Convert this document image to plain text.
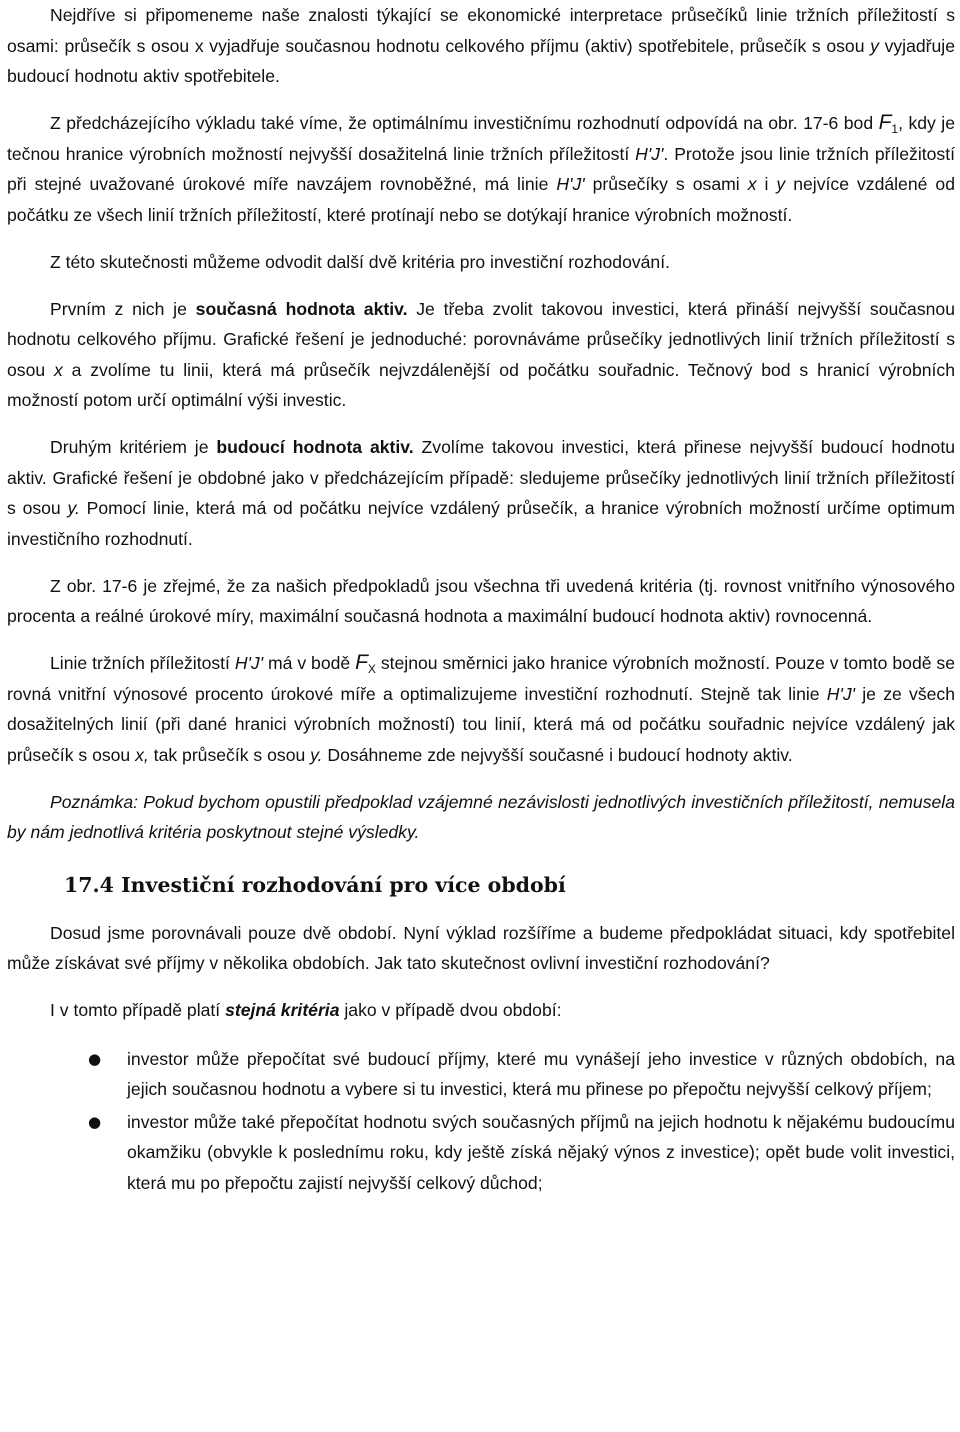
Nejdříve si připomeneme naše znalosti týkající se ekonomické interpretace průsečíků linie tržních příležitostí s osami: průsečík s osou x vyjadřuje současnou hodnotu celkového příjmu (aktiv) spotřebitele, průsečík s osou y vyjadřuje budoucí hodnotu aktiv spotřebitele.

Z předcházejícího výkladu také víme, že optimálnímu investičnímu rozhodnutí odpovídá na obr. 17-6 bod $F_1$, kdy je tečnou hranice výrobních možností nejvyšší dosažitelná linie tržních příležitostí H'J'. Protože jsou linie tržních příležitostí při stejné uvažované úrokové míře navzájem rovnoběžné, má linie H'J' průsečíky s osami x i y nejvíce vzdálené od počátku ze všech linií tržních příležitostí, které protínají nebo se dotýkají hranice výrobních možností.

Z této skutečnosti můžeme odvodit další dvě kritéria pro investiční rozhodování.

Prvním z nich je současná hodnota aktiv. Je třeba zvolit takovou investici, která přináší nejvyšší současnou hodnotu celkového příjmu. Grafické řešení je jednoduché: porovnáváme průsečíky jednotlivých linií tržních příležitostí s osou x a zvolíme tu linii, která má průsečík nejvzdálenější od počátku souřadnic. Tečnový bod s hranicí výrobních možností potom určí optimální výši investic.

Druhým kritériem je budoucí hodnota aktiv. Zvolíme takovou investici, která přinese nejvyšší budoucí hodnotu aktiv. Grafické řešení je obdobné jako v předcházejícím případě: sledujeme průsečíky jednotlivých linií tržních příležitostí s osou y. Pomocí linie, která má od počátku nejvíce vzdálený průsečík, a hranice výrobních možností určíme optimum investičního rozhodnutí.

Z obr. 17-6 je zřejmé, že za našich předpokladů jsou všechna tři uvedená kritéria (tj. rovnost vnitřního výnosového procenta a reálné úrokové míry, maximální současná hodnota a maximální budoucí hodnota aktiv) rovnocenná.

Linie tržních příležitostí H'J' má v bodě $F_X$ stejnou směrnici jako hranice výrobních možností. Pouze v tomto bodě se rovná vnitřní výnosové procento úrokové míře a optimalizujeme investiční rozhodnutí. Stejně tak linie H'J' je ze všech dosažitelných linií (při dané hranici výrobních možností) tou linií, která má od počátku souřadnic nejvíce vzdálený jak průsečík s osou x, tak průsečík s osou y. Dosáhneme zde nejvyšší současné i budoucí hodnoty aktiv.

Poznámka: Pokud bychom opustili předpoklad vzájemné nezávislosti jednotlivých investičních příležitostí, nemusela by nám jednotlivá kritéria poskytnout stejné výsledky.

17.4 Investiční rozhodování pro více období

Dosud jsme porovnávali pouze dvě období. Nyní výklad rozšíříme a budeme předpokládat situaci, kdy spotřebitel může získávat své příjmy v několika obdobích. Jak tato skutečnost ovlivní investiční rozhodování?

I v tomto případě platí stejná kritéria jako v případě dvou období:

● investor může přepočítat své budoucí příjmy, které mu vynášejí jeho investice v různých obdobích, na jejich současnou hodnotu a vybere si tu investici, která mu přinese po přepočtu nejvyšší celkový příjem;
● investor může také přepočítat hodnotu svých současných příjmů na jejich hodnotu k nějakému budoucímu okamžiku (obvykle k poslednímu roku, kdy ještě získá nějaký výnos z investice); opět bude volit investici, která mu po přepočtu zajistí nejvyšší celkový důchod;
